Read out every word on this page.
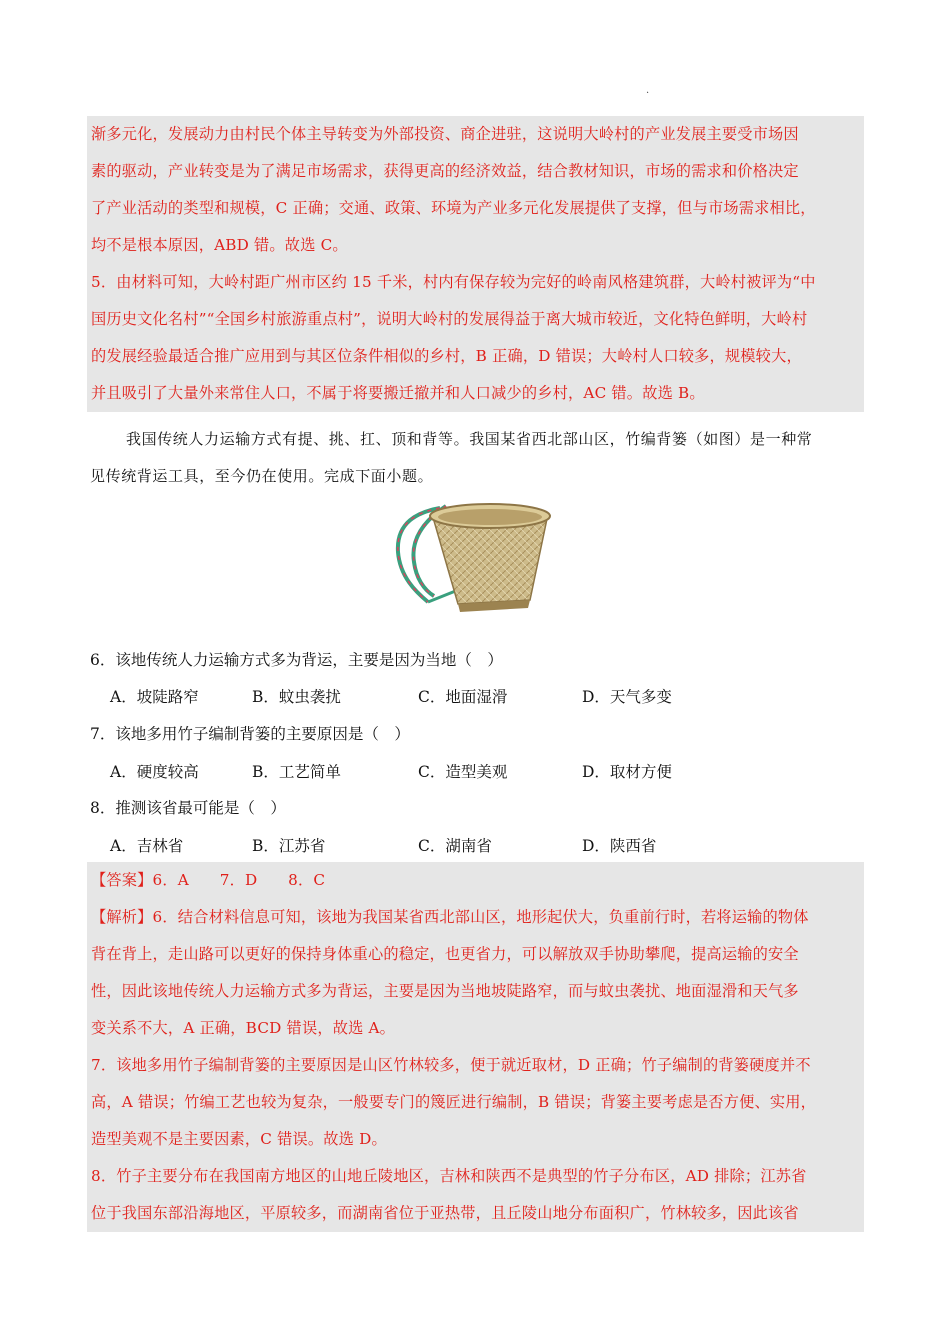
·

渐多元化，发展动力由村民个体主导转变为外部投资、商企进驻，这说明大岭村的产业发展主要受市场因

素的驱动，产业转变是为了满足市场需求，获得更高的经济效益，结合教材知识，市场的需求和价格决定

了产业活动的类型和规模，C 正确；交通、政策、环境为产业多元化发展提供了支撑，但与市场需求相比，

均不是根本原因，ABD 错。故选 C。

5．由材料可知，大岭村距广州市区约 15 千米，村内有保存较为完好的岭南风格建筑群，大岭村被评为“中

国历史文化名村”“全国乡村旅游重点村”，说明大岭村的发展得益于离大城市较近，文化特色鲜明，大岭村

的发展经验最适合推广应用到与其区位条件相似的乡村，B 正确，D 错误；大岭村人口较多，规模较大，

并且吸引了大量外来常住人口，不属于将要搬迁撤并和人口减少的乡村，AC 错。故选 B。

我国传统人力运输方式有提、挑、扛、顶和背等。我国某省西北部山区，竹编背篓（如图）是一种常
见传统背运工具，至今仍在使用。完成下面小题。
6．该地传统人力运输方式多为背运，主要是因为当地（　）
A．坡陡路窄	B．蚊虫袭扰	C．地面湿滑	D．天气多变
7．该地多用竹子编制背篓的主要原因是（　）
A．硬度较高	B．工艺简单	C．造型美观	D．取材方便
8．推测该省最可能是（　）
A．吉林省	B．江苏省	C．湖南省	D．陕西省

【答案】6．A　　7．D　　8．C

【解析】6．结合材料信息可知，该地为我国某省西北部山区，地形起伏大，负重前行时，若将运输的物体

背在背上，走山路可以更好的保持身体重心的稳定，也更省力，可以解放双手协助攀爬，提高运输的安全

性，因此该地传统人力运输方式多为背运，主要是因为当地坡陡路窄，而与蚊虫袭扰、地面湿滑和天气多

变关系不大，A 正确，BCD 错误，故选 A。

7．该地多用竹子编制背篓的主要原因是山区竹林较多，便于就近取材，D 正确；竹子编制的背篓硬度并不

高，A 错误；竹编工艺也较为复杂，一般要专门的篾匠进行编制，B 错误；背篓主要考虑是否方便、实用，

造型美观不是主要因素，C 错误。故选 D。

8．竹子主要分布在我国南方地区的山地丘陵地区，吉林和陕西不是典型的竹子分布区，AD 排除；江苏省

位于我国东部沿海地区，平原较多，而湖南省位于亚热带，且丘陵山地分布面积广，竹林较多，因此该省
